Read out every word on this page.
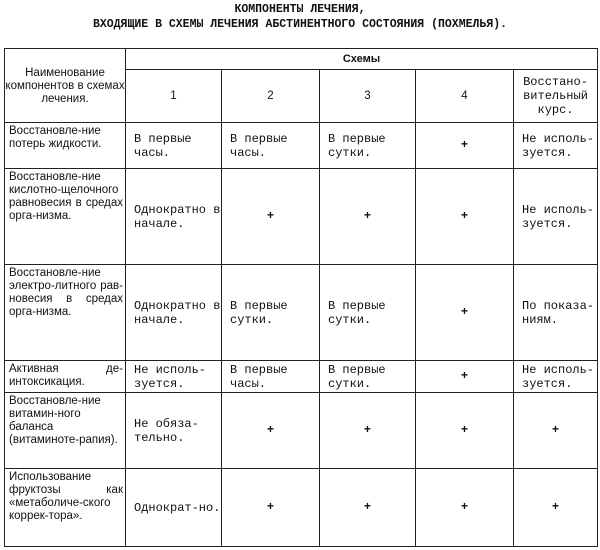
КОМПОНЕНТЫ ЛЕЧЕНИЯ,
ВХОДЯЩИЕ В СХЕМЫ ЛЕЧЕНИЯ АБСТИНЕНТНОГО СОСТОЯНИЯ (ПОХМЕЛЬЯ).
Наименование компонентов в схемах лечения.	Схемы				
	1	2	3	4	Восстано-вительный курс.
Восстановле-ние потерь жидкости.	В первые часы.	В первые часы.	В первые сутки.	+	Не исполь-зуется.
Восстановле-ние кислотно-щелочного равновесия в средах орга-низма.	Однократно в начале.	+	+	+	Не исполь-зуется.
Восстановле-ние электро-литного рав-новесия в средах орга-низма.	Однократно в начале.	В первые сутки.	В первые сутки.	+	По показа-ниям.
Активная де-интоксикация.	Не исполь-зуется.	В первые часы.	В первые сутки.	+	Не исполь-зуется.
Восстановле-ние витамин-ного баланса (витаминоте-рапия).	Не обяза-тельно.	+	+	+	+
Использование фруктозы как «метаболиче-ского коррек-тора».	Однократ-но.	+	+	+	+
